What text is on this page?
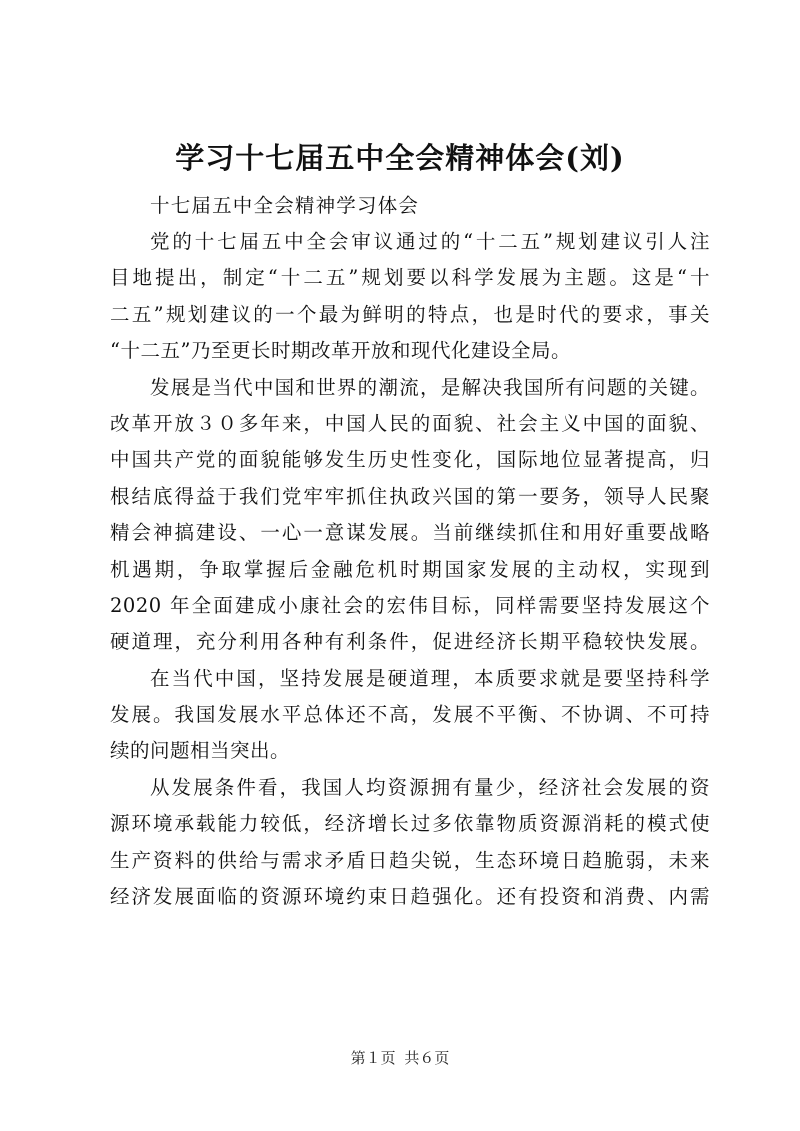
学习十七届五中全会精神体会(刘)

十七届五中全会精神学习体会

党的十七届五中全会审议通过的“十二五”规划建议引人注
目地提出，制定“十二五”规划要以科学发展为主题。这是“十
二五”规划建议的一个最为鲜明的特点，也是时代的要求，事关
“十二五”乃至更长时期改革开放和现代化建设全局。
发展是当代中国和世界的潮流，是解决我国所有问题的关键。
改革开放３０多年来，中国人民的面貌、社会主义中国的面貌、
中国共产党的面貌能够发生历史性变化，国际地位显著提高，归
根结底得益于我们党牢牢抓住执政兴国的第一要务，领导人民聚
精会神搞建设、一心一意谋发展。当前继续抓住和用好重要战略
机遇期，争取掌握后金融危机时期国家发展的主动权，实现到
2020 年全面建成小康社会的宏伟目标，同样需要坚持发展这个
硬道理，充分利用各种有利条件，促进经济长期平稳较快发展。
在当代中国，坚持发展是硬道理，本质要求就是要坚持科学
发展。我国发展水平总体还不高，发展不平衡、不协调、不可持
续的问题相当突出。
从发展条件看，我国人均资源拥有量少，经济社会发展的资
源环境承载能力较低，经济增长过多依靠物质资源消耗的模式使
生产资料的供给与需求矛盾日趋尖锐，生态环境日趋脆弱，未来
经济发展面临的资源环境约束日趋强化。还有投资和消费、内需
第１页 共６页
